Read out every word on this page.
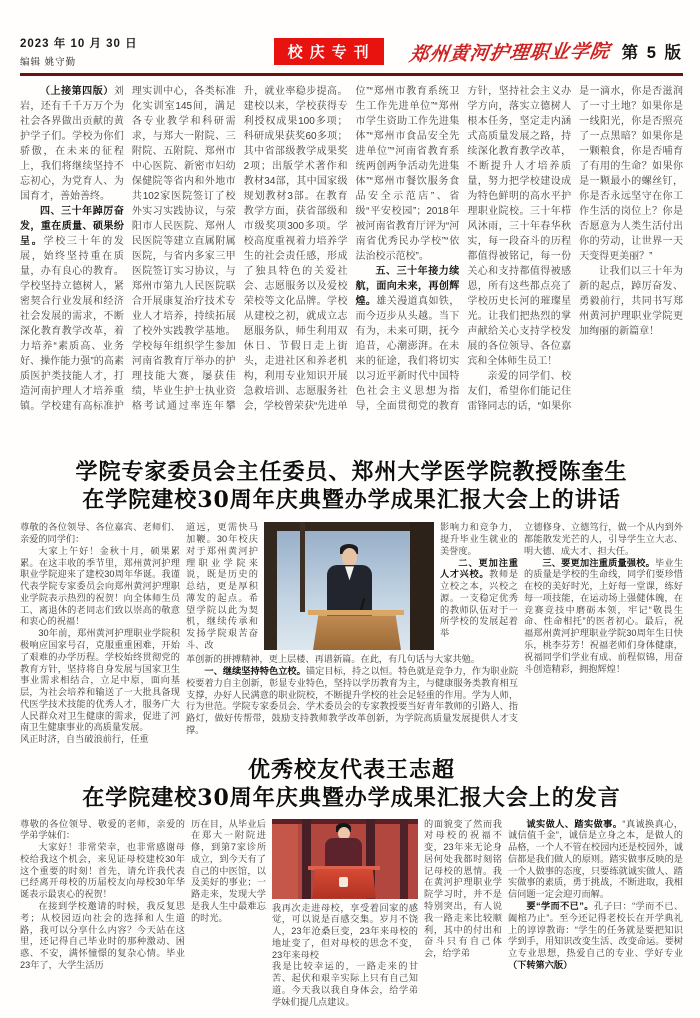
2023 年 10 月 30 日
编辑 姚守勤
校庆专刊	郑州黄河护理职业学院 第 5 版

（上接第四版）刘岩，还有千千万万个为社会各界做出贡献的黄护学子们。学校为你们骄傲，在未来的征程上，我们将继续坚持不忘初心，为党育人、为国育才，善始善终。

四、三十年踔厉奋发，重在质量、硕果纷呈。学校三十年的发展，始终坚持重在质量，办有良心的教育。学校坚持立德树人，紧密契合行业发展和经济社会发展的需求，不断深化教育教学改革，着力培养“素质高、业务好、操作能力强”的高素质医护类技能人才，打造河南护理人才培养重镇。学校建有高标准护理实训中心，各类标准化实训室145间，满足各专业教学和科研需求，与郑大一附院、三附院、五附院、郑州市中心医院、新密市妇幼保健院等省内和外地市共102家医院签订了校外实习实践协议，与荥阳市人民医院、郑州人民医院等建立直属附属医院，与省内多家三甲医院签订实习协议，与郑州市第九人民医院联合开展康复治疗技术专业人才培养，持续拓展了校外实践教学基地。学校每年组织学生参加河南省教育厅举办的护理技能大赛，屡获佳绩，毕业生护士执业资格考试通过率连年攀升，就业率稳步提高。建校以来，学校获得专利授权成果100多项；科研成果获奖60多项；其中省部级教学成果奖2项；出版学术著作和教材34部，其中国家级规划教材3部。在教育教学方面，获省部级和市级奖项300多项。学校高度重视着力培养学生的社会责任感，形成了独具特色的关爱社会、志愿服务以及爱校荣校等文化品牌。学校从建校之初，就成立志愿服务队，师生利用双休日、节假日走上街头，走进社区和养老机构，利用专业知识开展急救培训、志愿服务社会，学校曾荣获“先进单位”“郑州市教育系统卫生工作先进单位”“郑州市学生资助工作先进集体”“郑州市食品安全先进单位”“河南省教育系统两创两争活动先进集体”“郑州市餐饮服务食品安全示范店”、省级“平安校园”；2018年被河南省教育厅评为“河南省优秀民办学校”“依法治校示范校”。

五、三十年接力续航，面向未来，再创辉煌。雄关漫道真如铁，而今迈步从头越。当下有为，未来可期，抚今追昔，心潮澎湃。在未来的征途，我们将切实以习近平新时代中国特色社会主义思想为指导，全面贯彻党的教育方针，坚持社会主义办学方向，落实立德树人根本任务，坚定走内涵式高质量发展之路，持续深化教育教学改革，不断提升人才培养质量，努力把学校建设成为特色鲜明的高水平护理职业院校。三十年栉风沐雨，三十年春华秋实，每一段奋斗的历程都值得被铭记，每一份关心和支持都值得被感恩，所有这些都点亮了学校历史长河的璀璨星光。让我们把热烈的掌声献给关心支持学校发展的各位领导、各位嘉宾和全体师生员工！

亲爱的同学们、校友们，希望你们能记住雷锋同志的话，“如果你是一滴水，你是否滋润了一寸土地？如果你是一线阳光，你是否照亮了一点黑暗？如果你是一颗粮食，你是否哺育了有用的生命？如果你是一颗最小的螺丝钉，你是否永远坚守在你工作生活的岗位上？你是否愿意为人类生活付出你的劳动，让世界一天天变得更美丽？”

让我们以三十年为新的起点，踔厉奋发、勇毅前行，共同书写郑州黄河护理职业学院更加绚丽的新篇章！

学院专家委员会主任委员、郑州大学医学院教授陈奎生
在学院建校30周年庆典暨办学成果汇报大会上的讲话

尊敬的各位领导、各位嘉宾、老师们、亲爱的同学们：

大家上午好！金秋十月，硕果累累。在这丰收的季节里，郑州黄河护理职业学院迎来了建校30周年华诞。我谨代表学院专家委员会向郑州黄河护理职业学院表示热烈的祝贺！向全体师生员工、离退休的老同志们致以崇高的敬意和衷心的祝福！

30年前，郑州黄河护理职业学院积极响应国家号召，克服重重困难，开始了艰难的办学历程。学校始终贯彻党的教育方针，坚持将自身发展与国家卫生事业需求相结合，立足中原，面向基层，为社会培养和输送了一大批具备现代医学技术技能的优秀人才，服务广大人民群众对卫生健康的需求，促进了河南卫生健康事业的高质量发展。

风正时济，自当破浪前行，任重

道远，更需快马加鞭。30年校庆对于郑州黄河护理职业学院来说，既是历史的总结，更是厚积薄发的起点。希望学院以此为契机，继续传承和发扬学院艰苦奋斗、改

影响力和竞争力，提升毕业生就业的美誉度。

二、更加注重人才兴校。教师是立校之本，兴校之源。一支稳定优秀的教师队伍对于一所学校的发展起着举

立德修身、立德笃行，做一个从内到外都能散发光芒的人，引导学生立大志、明大德、成大才、担大任。

三、要更加注重质量强校。毕业生的质量是学校的生命线，同学们要珍惜在校的美好时光，上好每一堂课，练好每一项技能，在运动场上强健体魄，在竞赛竞技中磨砺本领，牢记“敬畏生命、性命相托”的医者初心。最后，祝福郑州黄河护理职业学院30周年生日快乐，桃李芬芳！祝福老师们身体健康，祝福同学们学业有成、前程似锦，用奋斗创造精彩，拥抱辉煌！

革创新的拼搏精神，更上层楼、再谱新篇。在此，有几句话与大家共勉。

一、继续坚持特色立校。锚定目标，持之以恒。特色就是竞争力，作为职业院校要着力自主创新，彰显专业特色，坚持以学历教育为主，与健康服务类教育相互支撑，办好人民满意的职业院校，不断提升学校的社会足轻重的作用。学为人师，行为世范。学院专家委员会、学术委员会的专家教授要当好青年教师的引路人、指路灯，做好传帮带，鼓励支持教师教学改革创新，为学院高质量发展提供人才支撑。

优秀校友代表王志超
在学院建校30周年庆典暨办学成果汇报大会上的发言

尊敬的各位领导、敬爱的老师，亲爱的学弟学妹们：

大家好！非常荣幸，也非常感谢母校给我这个机会，来见证母校建校30年这个重要的时刻！首先，请允许我代表已经离开母校的历届校友向母校30年华诞表示最衷心的祝贺！

在接到学校邀请的时候，我反复思考；从校园迈向社会的选择和人生道路，我可以分享什么内容？今天站在这里，还记得自己毕业时的那种激动、困惑、不安，满怀憧憬的复杂心情。毕业23年了，大学生活历

历在目，从毕业后在郑大一附院进修，到第7家诊所成立，到今天有了自己的中医馆，以及美好的事业；一路走来，发现大学是我人生中最难忘的时光。

我再次走进母校，享受着回家的感觉，可以说是百感交集。岁月不饶人，23年沧桑巨变，23年来母校的地址变了，但对母校的思念不变，23年来母校

我是比较幸运的，一路走来的甘苦、起伏和艰辛实际上只有自己知道。今天我以我自身体会，给学弟学妹们提几点建议。

的面貌变了然而我对母校的祝福不变，23年来无论身居何处我都时刻铭记母校的恩情。我在黄河护理职业学院学习时，并不是特别突出，有人说我一路走来比较顺利，其中的付出和奋斗只有自己体会，给学弟

诚实做人、踏实做事。“真诚换真心，诚信值千金”，诚信是立身之本，是做人的品格，一个人不管在校园内还是校园外，诚信都是我们做人的原则。踏实做事反映的是一个人做事的态度，只要练就诚实做人、踏实做事的素质，勇于挑战，不断进取，我相信问题一定会迎刃而解。

要“学而不已”。孔子曰：“学而不已、阖棺乃止”。至今还记得老校长在开学典礼上的谆谆教诲：“学生的任务就是要把知识学到手，用知识改变生活、改变命运。要树立专业思想，热爱自己的专业、学好专业（下转第六版）
